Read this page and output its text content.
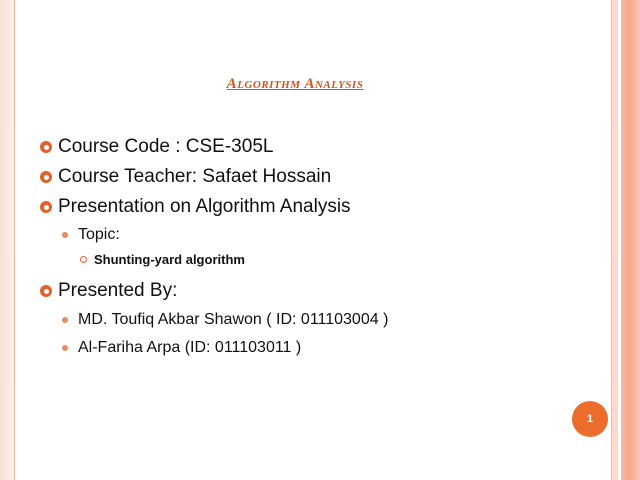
ALGORITHM ANALYSIS
Course Code : CSE-305L
Course Teacher: Safaet Hossain
Presentation on Algorithm Analysis
Topic:
Shunting-yard algorithm
Presented By:
MD. Toufiq Akbar Shawon ( ID: 011103004 )
Al-Fariha Arpa (ID: 011103011 )
1
